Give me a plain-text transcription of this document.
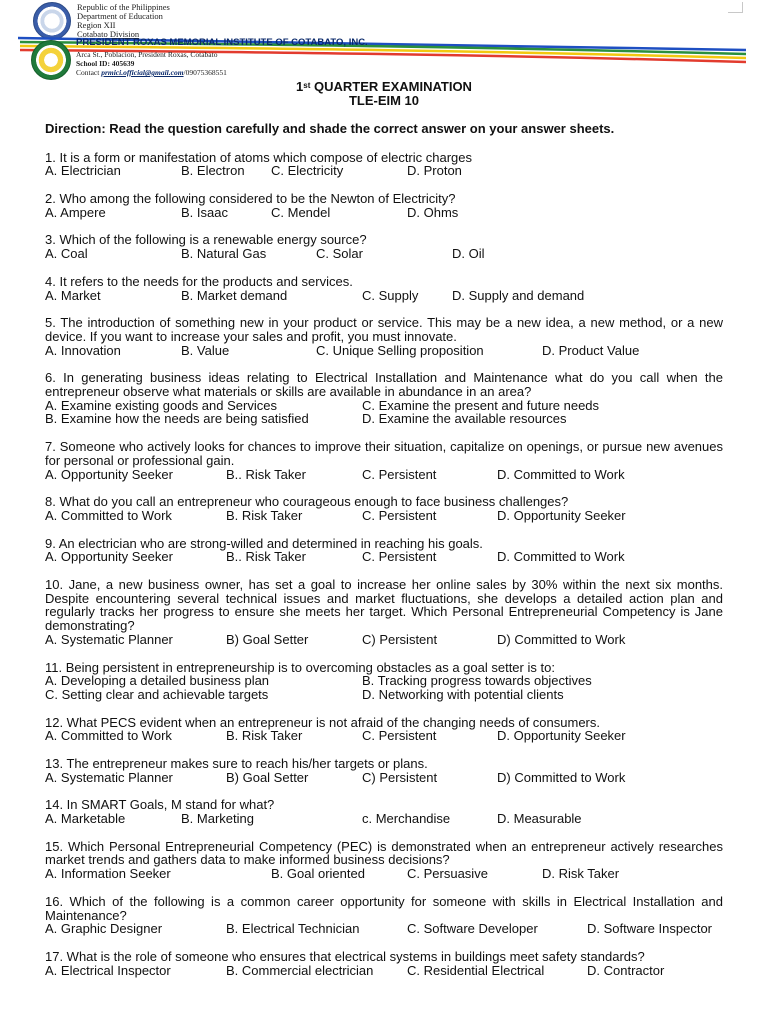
Republic of the Philippines
Department of Education
Region XII
Cotabato Division
PRESIDENT ROXAS MEMORIAL INSTITUTE OF COTABATO, INC.
Arca St., Poblacion, President Roxas, Cotabato
School ID: 405639
Contact prmici.official@gmail.com/09075368551
1st QUARTER EXAMINATION
TLE-EIM 10
Direction: Read the question carefully and shade the correct answer on your answer sheets.
1. It is a form or manifestation of atoms which compose of electric charges
A. Electrician	B. Electron C. Electricity	D. Proton
2. Who among the following considered to be the Newton of Electricity?
A. Ampere	B. Isaac	C. Mendel	D. Ohms
3. Which of the following is a renewable energy source?
A. Coal	B. Natural Gas	C. Solar	D. Oil
4. It refers to the needs for the products and services.
A. Market	B. Market demand	C. Supply	D. Supply and demand
5. The introduction of something new in your product or service. This may be a new idea, a new method, or a new device. If you want to increase your sales and profit, you must innovate.
A. Innovation	B. Value	C. Unique Selling proposition	D. Product Value
6. In generating business ideas relating to Electrical Installation and Maintenance what do you call when the entrepreneur observe what materials or skills are available in abundance in an area?
A. Examine existing goods and Services	C. Examine the present and future needs
B. Examine how the needs are being satisfied	D. Examine the available resources
7. Someone who actively looks for chances to improve their situation, capitalize on openings, or pursue new avenues for personal or professional gain.
A. Opportunity Seeker	B.. Risk Taker	C. Persistent	D. Committed to Work
8. What do you call an entrepreneur who courageous enough to face business challenges?
A. Committed to Work	B. Risk Taker	C. Persistent	D. Opportunity Seeker
9. An electrician who are strong-willed and determined in reaching his goals.
A. Opportunity Seeker	B.. Risk Taker	C. Persistent	D. Committed to Work
10. Jane, a new business owner, has set a goal to increase her online sales by 30% within the next six months. Despite encountering several technical issues and market fluctuations, she develops a detailed action plan and regularly tracks her progress to ensure she meets her target. Which Personal Entrepreneurial Competency is Jane demonstrating?
A. Systematic Planner	B) Goal Setter	C) Persistent	D) Committed to Work
11. Being persistent in entrepreneurship is to overcoming obstacles as a goal setter is to:
A. Developing a detailed business plan	B. Tracking progress towards objectives
C. Setting clear and achievable targets	D. Networking with potential clients
12. What PECS evident when an entrepreneur is not afraid of the changing needs of consumers.
A. Committed to Work	B. Risk Taker	C. Persistent	D. Opportunity Seeker
13. The entrepreneur makes sure to reach his/her targets or plans.
A. Systematic Planner	B) Goal Setter	C) Persistent	D) Committed to Work
14. In SMART Goals, M stand for what?
A. Marketable	B. Marketing	c. Merchandise	D. Measurable
15. Which Personal Entrepreneurial Competency (PEC) is demonstrated when an entrepreneur actively researches market trends and gathers data to make informed business decisions?
A. Information Seeker	B. Goal oriented	C. Persuasive	D. Risk Taker
16. Which of the following is a common career opportunity for someone with skills in Electrical Installation and Maintenance?
A. Graphic Designer	B. Electrical Technician	C. Software Developer	D. Software Inspector
17. What is the role of someone who ensures that electrical systems in buildings meet safety standards?
A. Electrical Inspector	B. Commercial electrician	C. Residential Electrical	D. Contractor
